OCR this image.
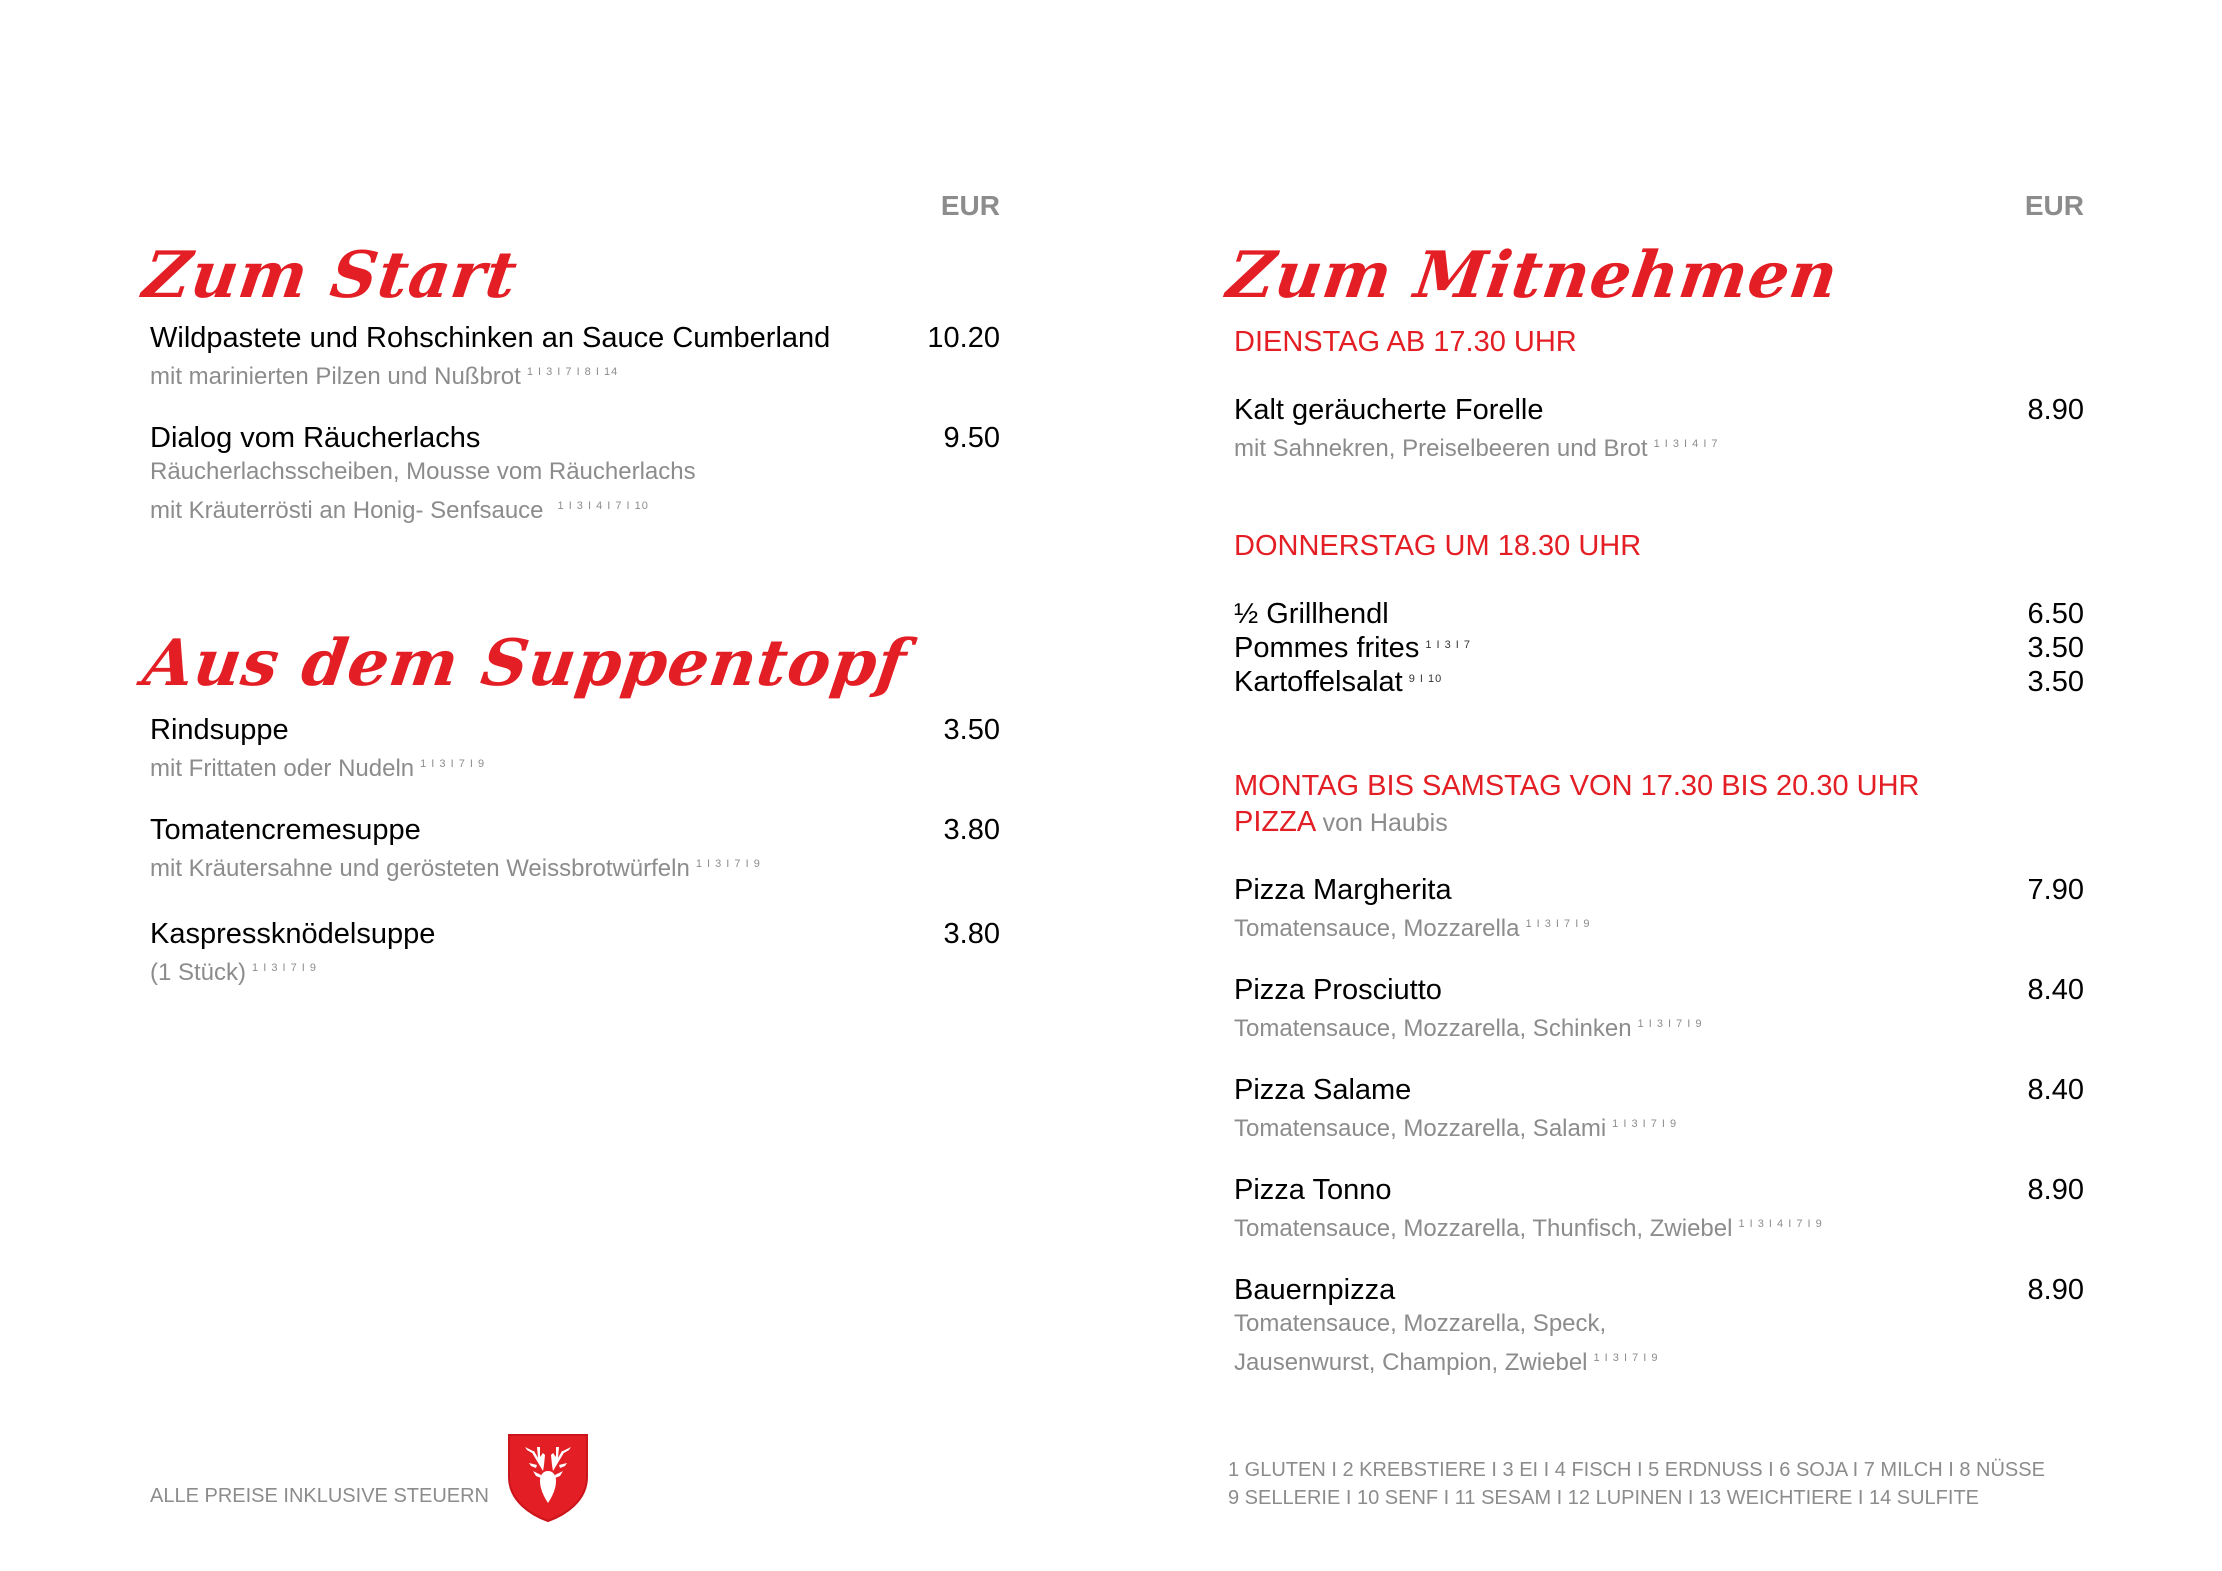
EUR
Zum Start
Wildpastete und Rohschinken an Sauce Cumberland	10.20
mit marinierten Pilzen und Nußbrot $^{1 I 3 I 7 I 8 I 14}$
Dialog vom Räucherlachs	9.50
Räucherlachsscheiben, Mousse vom Räucherlachs
mit Kräuterrösti an Honig- Senfsauce $^{1 I 3 I 4 I 7 I 10}$
Aus dem Suppentopf
Rindsuppe	3.50
mit Frittaten oder Nudeln $^{1 I 3 I 7 I 9}$
Tomatencremesuppe	3.80
mit Kräutersahne und gerösteten Weissbrotwürfeln $^{1 I 3 I 7 I 9}$
Kaspressknödelsuppe	3.80
(1 Stück) $^{1 I 3 I 7 I 9}$
ALLE PREISE INKLUSIVE STEUERN
EUR
Zum Mitnehmen
DIENSTAG AB 17.30 UHR
Kalt geräucherte Forelle	8.90
mit Sahnekren, Preiselbeeren und Brot $^{1 I 3 I 4 I 7}$
DONNERSTAG UM 18.30 UHR
½ Grillhendl	6.50
Pommes frites $^{1 I 3 I 7}$	3.50
Kartoffelsalat $^{9 I 10}$	3.50
MONTAG BIS SAMSTAG VON 17.30 BIS 20.30 UHR
PIZZA von Haubis
Pizza Margherita	7.90
Tomatensauce, Mozzarella $^{1 I 3 I 7 I 9}$
Pizza Prosciutto	8.40
Tomatensauce, Mozzarella, Schinken $^{1 I 3 I 7 I 9}$
Pizza Salame	8.40
Tomatensauce, Mozzarella, Salami $^{1 I 3 I 7 I 9}$
Pizza Tonno	8.90
Tomatensauce, Mozzarella, Thunfisch, Zwiebel $^{1 I 3 I 4 I 7 I 9}$
Bauernpizza	8.90
Tomatensauce, Mozzarella, Speck,
Jausenwurst, Champion, Zwiebel $^{1 I 3 I 7 I 9}$
1 GLUTEN I 2 KREBSTIERE I 3 EI I 4 FISCH I 5 ERDNUSS I 6 SOJA I 7 MILCH I 8 NÜSSE
9 SELLERIE I 10 SENF I 11 SESAM I 12 LUPINEN I 13 WEICHTIERE I 14 SULFITE
